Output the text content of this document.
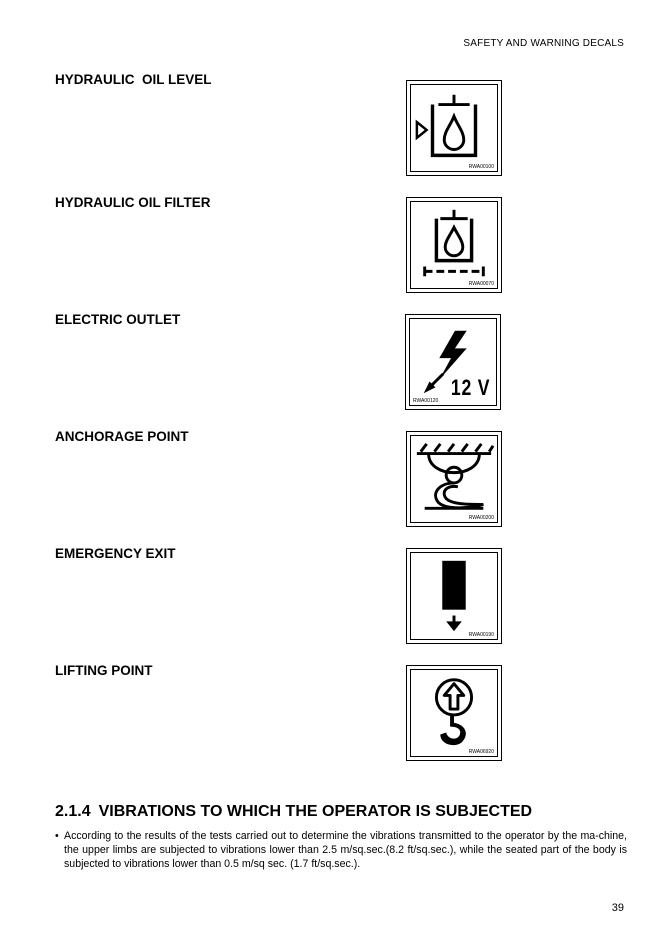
SAFETY AND WARNING DECALS
HYDRAULIC  OIL LEVEL
RWA00100
HYDRAULIC OIL FILTER
RWA00070
ELECTRIC OUTLET
RWA00120
12 V
ANCHORAGE POINT
RWA00200
EMERGENCY EXIT
RWA00190
LIFTING POINT
RWA06920
2.1.4 VIBRATIONS TO WHICH THE OPERATOR IS SUBJECTED
• According to the results of the tests carried out to determine the vibrations transmitted to the operator by the ma-chine, the upper limbs are subjected to vibrations lower than 2.5 m/sq.sec.(8.2 ft/sq.sec.), while the seated part of the body is subjected to vibrations lower than 0.5 m/sq sec. (1.7 ft/sq.sec.).
39
